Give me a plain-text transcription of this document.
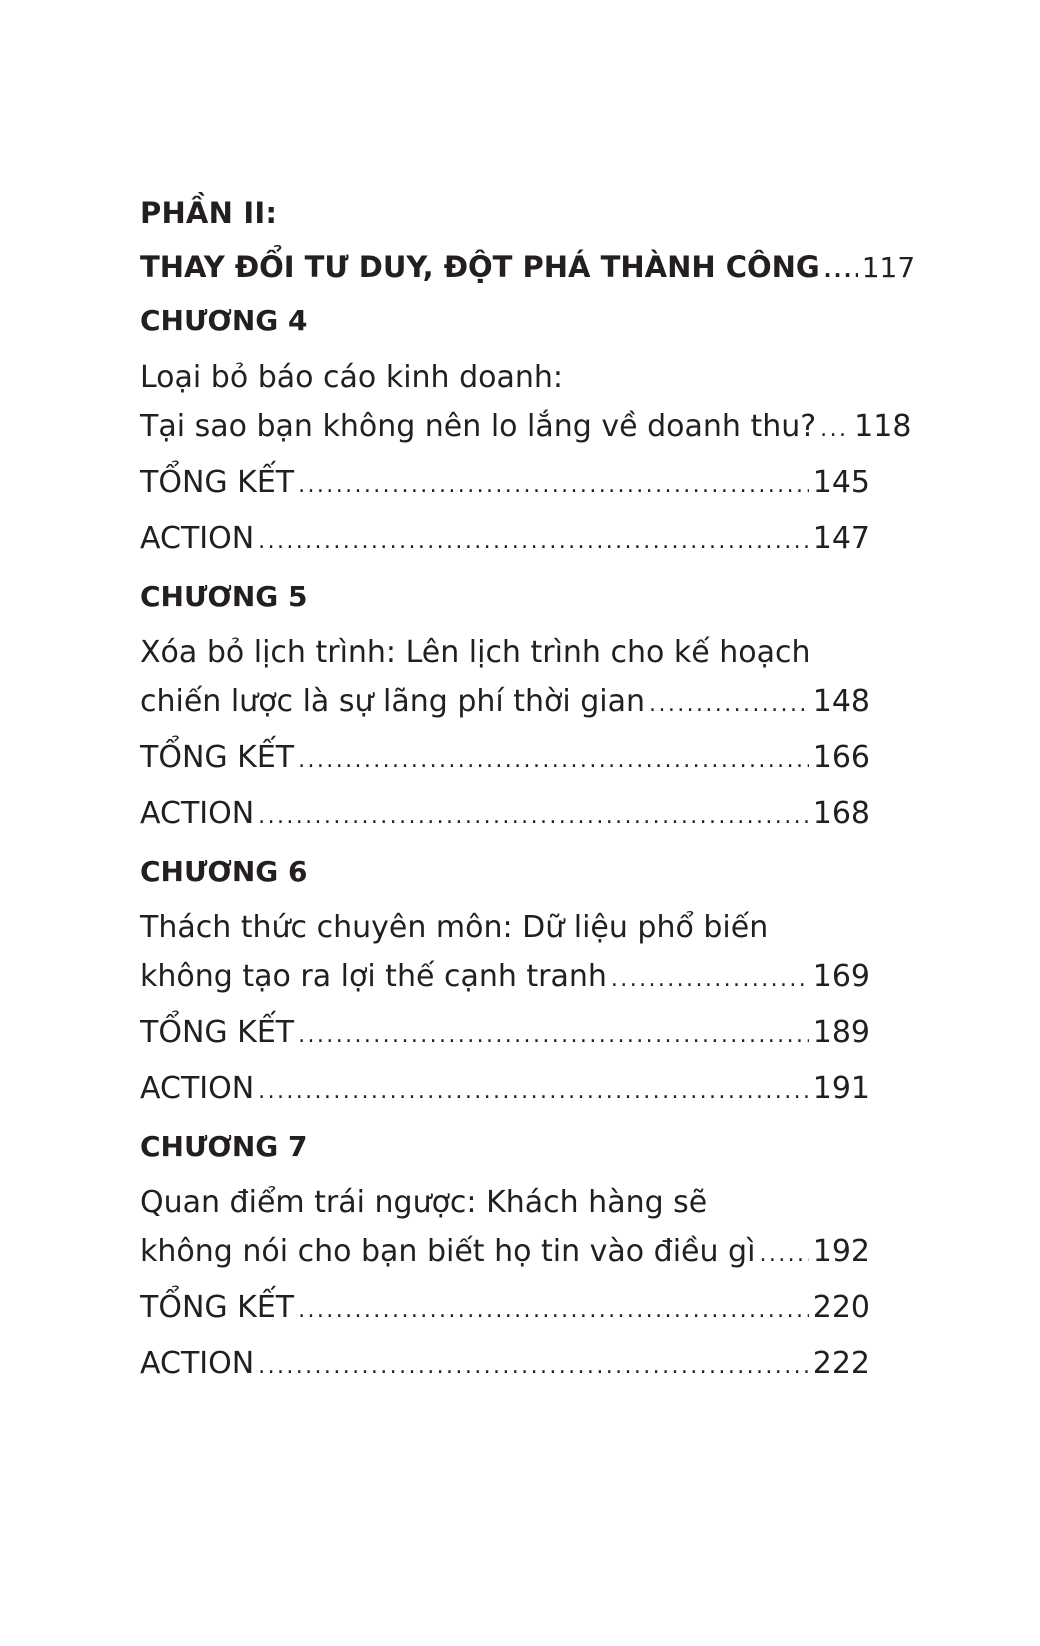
PHẦN II:
THAY ĐỔI TƯ DUY, ĐỘT PHÁ THÀNH CÔNG ..... 117
CHƯƠNG 4
Loại bỏ báo cáo kinh doanh:
Tại sao bạn không nên lo lắng về doanh thu? ..... 118
TỔNG KẾT .....	145
ACTION .....	147
CHƯƠNG 5
Xóa bỏ lịch trình: Lên lịch trình cho kế hoạch
chiến lược là sự lãng phí thời gian .....	148
TỔNG KẾT .....	166
ACTION .....	168
CHƯƠNG 6
Thách thức chuyên môn: Dữ liệu phổ biến
không tạo ra lợi thế cạnh tranh .....	169
TỔNG KẾT .....	189
ACTION .....	191
CHƯƠNG 7
Quan điểm trái ngược: Khách hàng sẽ
không nói cho bạn biết họ tin vào điều gì ..... 192
TỔNG KẾT .....	220
ACTION .....	222
